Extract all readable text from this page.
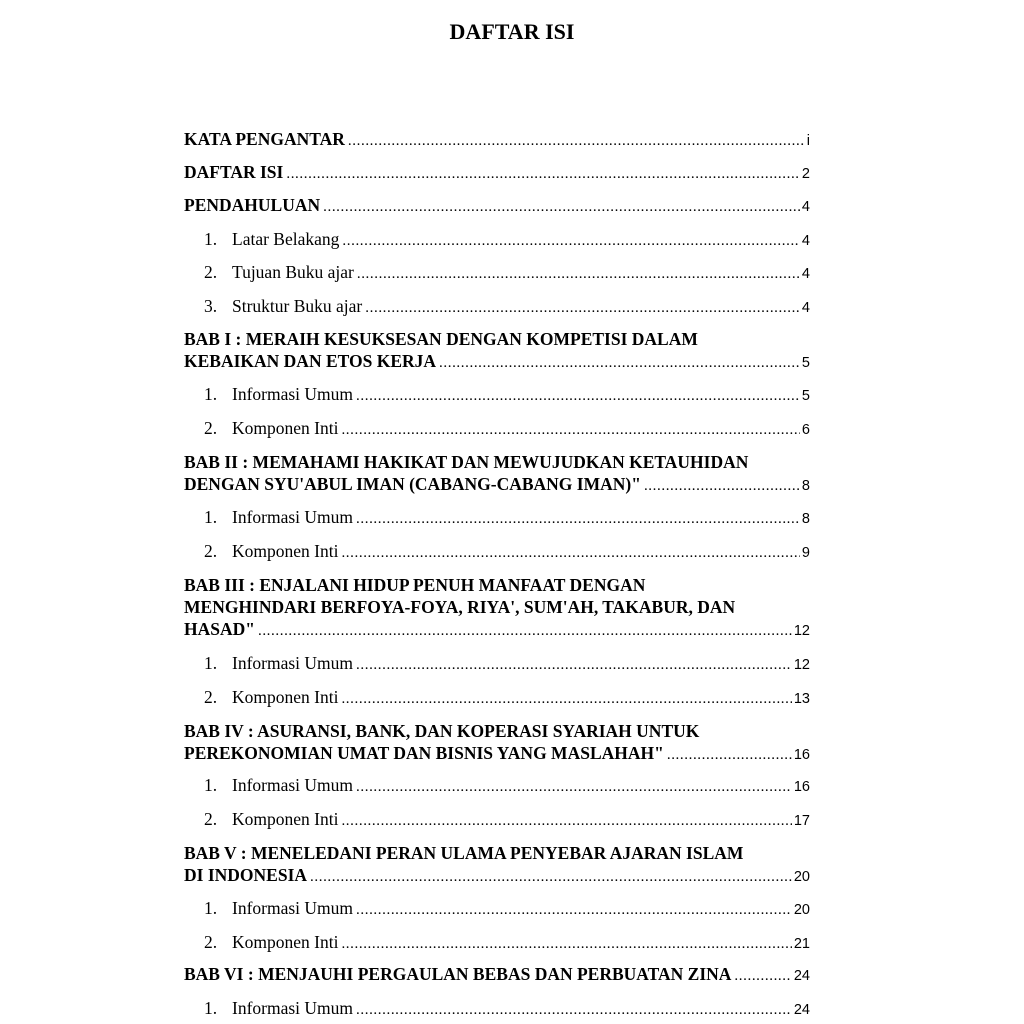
DAFTAR ISI
KATA PENGANTAR .....	i
DAFTAR ISI .....	2
PENDAHULUAN .....	4
1. Latar Belakang .....	4
2. Tujuan Buku ajar .....	4
3. Struktur Buku ajar .....	4
BAB I : MERAIH KESUKSESAN DENGAN KOMPETISI DALAM
KEBAIKAN DAN ETOS KERJA .....	5
1. Informasi Umum .....	5
2. Komponen Inti .....	6
BAB II : MEMAHAMI HAKIKAT DAN MEWUJUDKAN KETAUHIDAN
DENGAN SYU'ABUL IMAN (CABANG-CABANG IMAN)" .....	8
1. Informasi Umum .....	8
2. Komponen Inti .....	9
BAB III : ENJALANI HIDUP PENUH MANFAAT DENGAN
MENGHINDARI BERFOYA-FOYA, RIYA', SUM'AH, TAKABUR, DAN
HASAD" .....	12
1. Informasi Umum .....	12
2. Komponen Inti .....	13
BAB IV : ASURANSI, BANK, DAN KOPERASI SYARIAH UNTUK
PEREKONOMIAN UMAT DAN BISNIS YANG MASLAHAH" .....	16
1. Informasi Umum .....	16
2. Komponen Inti .....	17
BAB V : MENELEDANI PERAN ULAMA PENYEBAR AJARAN ISLAM
DI INDONESIA .....	20
1. Informasi Umum .....	20
2. Komponen Inti .....	21
BAB VI : MENJAUHI PERGAULAN BEBAS DAN PERBUATAN ZINA .....	24
1. Informasi Umum .....	24
